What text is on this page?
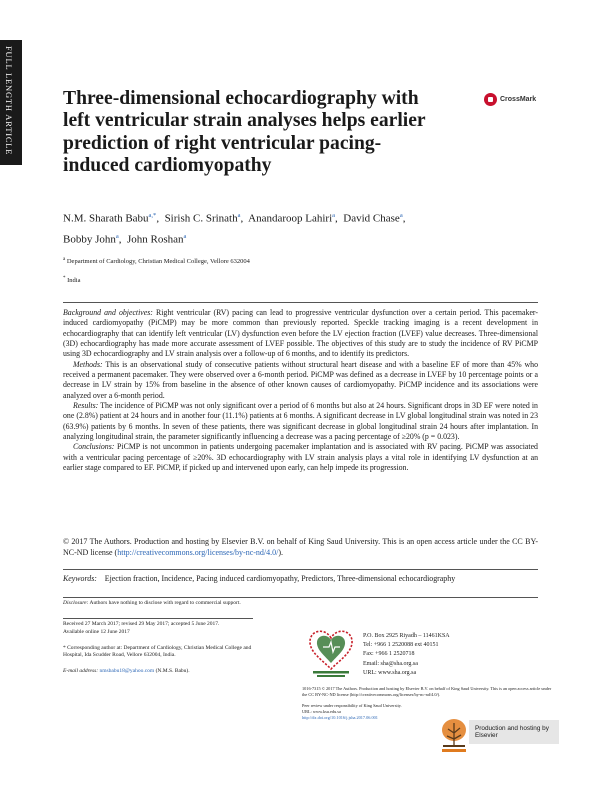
FULL LENGTH ARTICLE	Three-dimensional echocardiography with left ventricular strain analyses helps earlier prediction of right ventricular pacing-induced cardiomyopathy
CrossMark
N.M. Sharath Babu$^{a,*}$,  Sirish C. Srinath$^a$,  Anandaroop Lahiri$^a$,  David Chase$^a$,
Bobby John$^a$,  John Roshan$^a$
$^a$ Department of Cardiology, Christian Medical College, Vellore 632004
* India

Background and objectives: Right ventricular (RV) pacing can lead to progressive ventricular dysfunction over a certain period. This pacemaker-induced cardiomyopathy (PiCMP) may be more common than previously reported. Speckle tracking imaging is a recent development in echocardiography that can identify left ventricular (LV) dysfunction even before the LV ejection fraction (LVEF) value decreases. Three-dimensional (3D) echocardiography has made more accurate assessment of LVEF possible. The objectives of this study are to study the incidence of RV PiCMP using 3D echocardiography and LV strain analysis over a follow-up of 6 months, and to identify its predictors.

Methods: This is an observational study of consecutive patients without structural heart disease and with a baseline EF of more than 45% who received a permanent pacemaker. They were observed over a 6-month period. PiCMP was defined as a decrease in LVEF by 10 percentage points or a decrease in LV strain by 15% from baseline in the absence of other known causes of cardiomyopathy. PiCMP incidence and its associations were analyzed over a 6-month period.

Results: The incidence of PiCMP was not only significant over a period of 6 months but also at 24 hours. Significant drops in 3D EF were noted in one (2.8%) patient at 24 hours and in another four (11.1%) patients at 6 months. A significant decrease in LV global longitudinal strain was noted in 23 (63.9%) patients by 6 months. In seven of these patients, there was significant decrease in global longitudinal strain 24 hours after implantation. In analyzing longitudinal strain, the parameter significantly influencing a decrease was a pacing percentage of ≥20% (p = 0.023).

Conclusions: PiCMP is not uncommon in patients undergoing pacemaker implantation and is associated with RV pacing. PiCMP was associated with a ventricular pacing percentage of ≥20%. 3D echocardiography with LV strain analysis plays a vital role in identifying LV dysfunction at an earlier stage compared to EF. PiCMP, if picked up and intervened upon early, can help impede its progression.

© 2017 The Authors. Production and hosting by Elsevier B.V. on behalf of King Saud University. This is an open access article under the CC BY-NC-ND license (http://creativecommons.org/licenses/by-nc-nd/4.0/).
Keywords: Ejection fraction, Incidence, Pacing induced cardiomyopathy, Predictors, Three-dimensional echocardiography
Disclosure: Authors have nothing to disclose with regard to commercial support.
Received 27 March 2017; revised 29 May 2017; accepted 5 June 2017.
Available online 12 June 2017
* Corresponding author at: Department of Cardiology, Christian Medical College and Hospital, Ida Scudder Road, Vellore 632004, India.
E-mail address: nmsbabu18@yahoo.com (N.M.S. Babu).
P.O. Box 2925 Riyadh – 11461KSA
Tel: +966 1 2520088 ext 40151
Fax: +966 1 2520718
Email: sha@sha.org.sa
URL: www.sha.org.sa
1016-7315 © 2017 The Authors. Production and hosting by Elsevier B.V. on behalf of King Saud University. This is an open access article under the CC BY-NC-ND license (http://creativecommons.org/licenses/by-nc-nd/4.0/).
Peer review under responsibility of King Saud University.
URL: www.ksu.edu.sa
http://dx.doi.org/10.1016/j.jsha.2017.06.001
Production and hosting by Elsevier
